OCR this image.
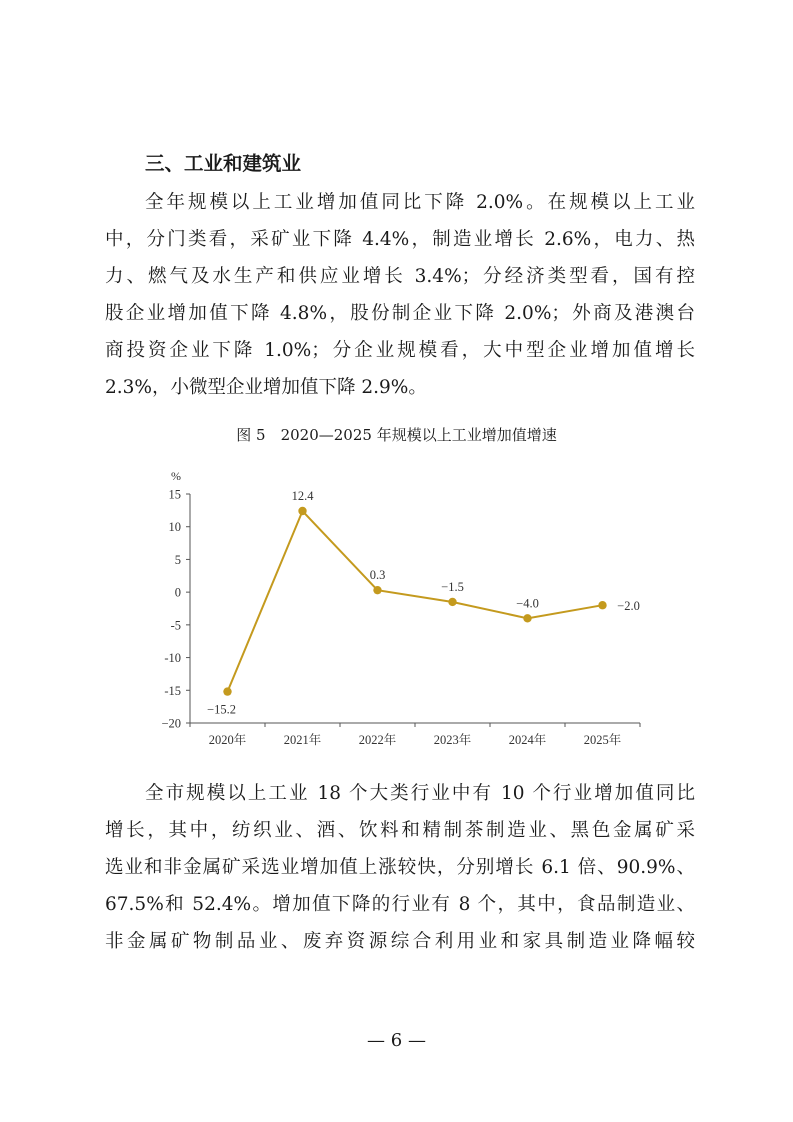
三、工业和建筑业
全年规模以上工业增加值同比下降 2.0%。在规模以上工业
中，分门类看，采矿业下降 4.4%，制造业增长 2.6%，电力、热
力、燃气及水生产和供应业增长 3.4%；分经济类型看，国有控
股企业增加值下降 4.8%，股份制企业下降 2.0%；外商及港澳台
商投资企业下降 1.0%；分企业规模看，大中型企业增加值增长
2.3%，小微型企业增加值下降 2.9%。
图 5　2020—2025 年规模以上工业增加值增速
%
15
10
5
0
-5
-10
-15
−20
2020年	2021年	2022年	2023年	2024年	2025年
−15.2
12.4
0.3
−1.5
−4.0	−2.0
全市规模以上工业 18 个大类行业中有 10 个行业增加值同比
增长，其中，纺织业、酒、饮料和精制茶制造业、黑色金属矿采
选业和非金属矿采选业增加值上涨较快，分别增长 6.1 倍、90.9%、
67.5%和 52.4%。增加值下降的行业有 8 个，其中，食品制造业、
非金属矿物制品业、废弃资源综合利用业和家具制造业降幅较
— 6 —
